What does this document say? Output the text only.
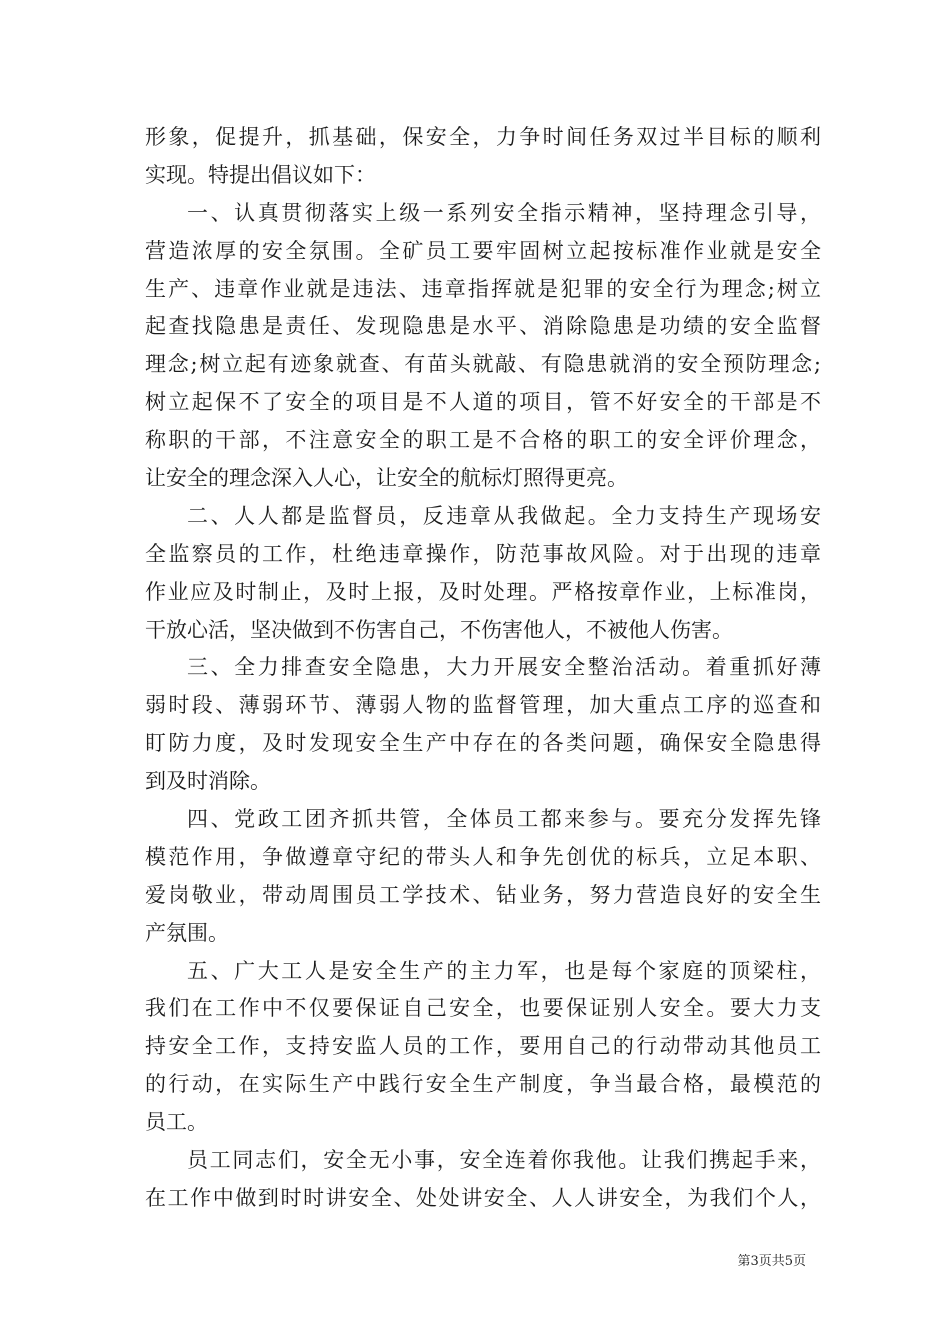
形象，促提升，抓基础，保安全，力争时间任务双过半目标的顺利
实现。特提出倡议如下：
一、认真贯彻落实上级一系列安全指示精神，坚持理念引导，
营造浓厚的安全氛围。全矿员工要牢固树立起按标准作业就是安全
生产、违章作业就是违法、违章指挥就是犯罪的安全行为理念;树立
起查找隐患是责任、发现隐患是水平、消除隐患是功绩的安全监督
理念;树立起有迹象就查、有苗头就敲、有隐患就消的安全预防理念;
树立起保不了安全的项目是不人道的项目，管不好安全的干部是不
称职的干部，不注意安全的职工是不合格的职工的安全评价理念，
让安全的理念深入人心，让安全的航标灯照得更亮。
二、人人都是监督员，反违章从我做起。全力支持生产现场安
全监察员的工作，杜绝违章操作，防范事故风险。对于出现的违章
作业应及时制止，及时上报，及时处理。严格按章作业，上标准岗，
干放心活，坚决做到不伤害自己，不伤害他人，不被他人伤害。
三、全力排查安全隐患，大力开展安全整治活动。着重抓好薄
弱时段、薄弱环节、薄弱人物的监督管理，加大重点工序的巡查和
盯防力度，及时发现安全生产中存在的各类问题，确保安全隐患得
到及时消除。
四、党政工团齐抓共管，全体员工都来参与。要充分发挥先锋
模范作用，争做遵章守纪的带头人和争先创优的标兵，立足本职、
爱岗敬业，带动周围员工学技术、钻业务，努力营造良好的安全生
产氛围。
五、广大工人是安全生产的主力军，也是每个家庭的顶梁柱，
我们在工作中不仅要保证自己安全，也要保证别人安全。要大力支
持安全工作，支持安监人员的工作，要用自己的行动带动其他员工
的行动，在实际生产中践行安全生产制度，争当最合格，最模范的
员工。
员工同志们，安全无小事，安全连着你我他。让我们携起手来，
在工作中做到时时讲安全、处处讲安全、人人讲安全，为我们个人，
第3页共5页
